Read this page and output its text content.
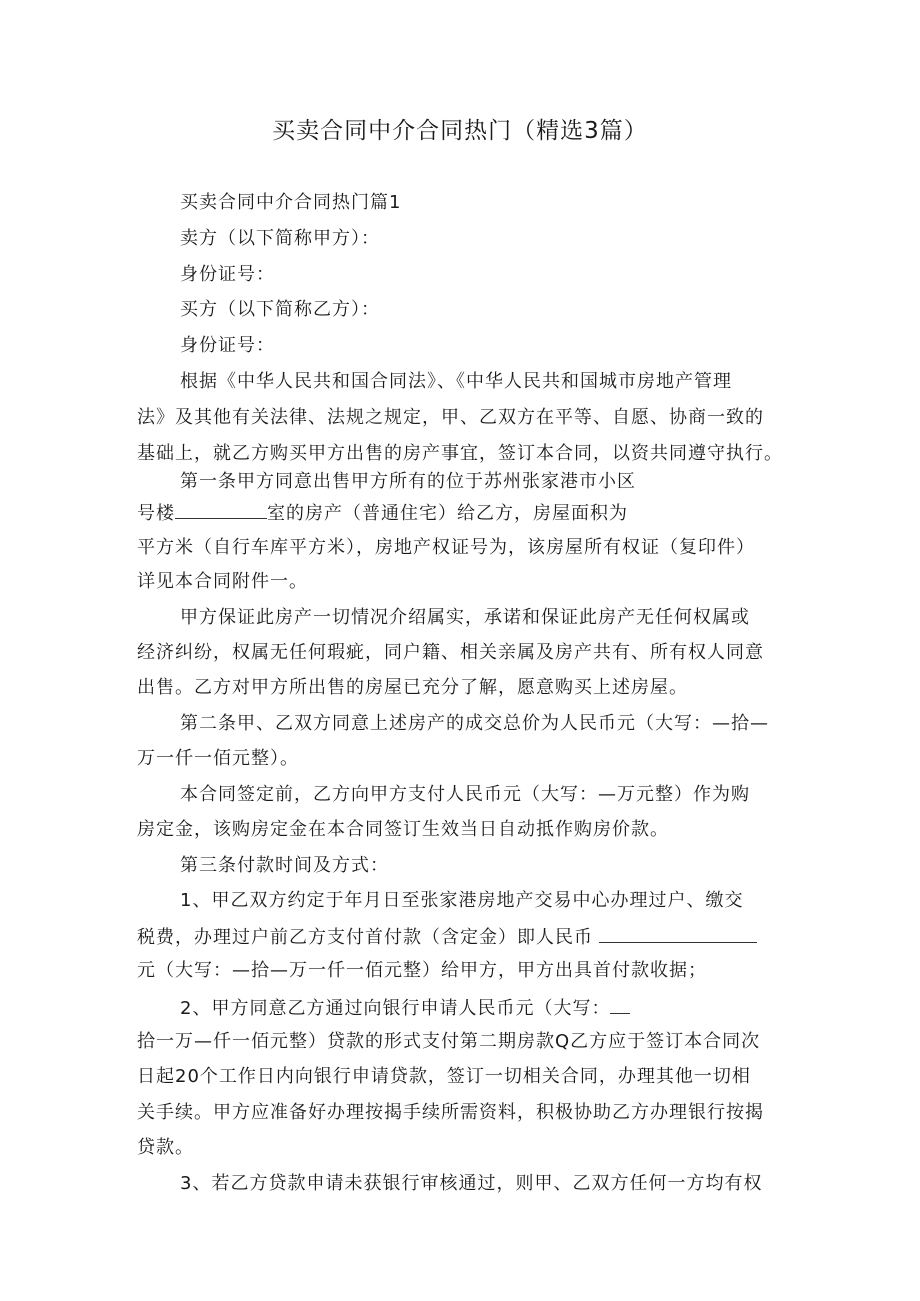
买卖合同中介合同热门（精选3篇）
买卖合同中介合同热门篇1
卖方（以下简称甲方）：
身份证号：
买方（以下简称乙方）：
身份证号：
根据《中华人民共和国合同法》、《中华人民共和国城市房地产管理
法》及其他有关法律、法规之规定，甲、乙双方在平等、自愿、协商一致的
基础上，就乙方购买甲方出售的房产事宜，签订本合同，以资共同遵守执行。
第一条甲方同意出售甲方所有的位于苏州张家港市小区
号楼	室的房产（普通住宅）给乙方，房屋面积为
平方米（自行车库平方米），房地产权证号为，该房屋所有权证（复印件）
详见本合同附件一。
甲方保证此房产一切情况介绍属实，承诺和保证此房产无任何权属或
经济纠纷，权属无任何瑕疵，同户籍、相关亲属及房产共有、所有权人同意
出售。乙方对甲方所出售的房屋已充分了解，愿意购买上述房屋。
第二条甲、乙双方同意上述房产的成交总价为人民币元（大写：—拾—
万一仟一佰元整）。
本合同签定前，乙方向甲方支付人民币元（大写：—万元整）作为购
房定金，该购房定金在本合同签订生效当日自动抵作购房价款。
第三条付款时间及方式：
1、甲乙双方约定于年月日至张家港房地产交易中心办理过户、缴交
税费，办理过户前乙方支付首付款（含定金）即人民币
元（大写：—拾—万一仟一佰元整）给甲方，甲方出具首付款收据；
2、甲方同意乙方通过向银行申请人民币元（大写：
拾一万—仟一佰元整）贷款的形式支付第二期房款Q乙方应于签订本合同次
日起20个工作日内向银行申请贷款，签订一切相关合同，办理其他一切相
关手续。甲方应准备好办理按揭手续所需资料，积极协助乙方办理银行按揭
贷款。
3、若乙方贷款申请未获银行审核通过，则甲、乙双方任何一方均有权
